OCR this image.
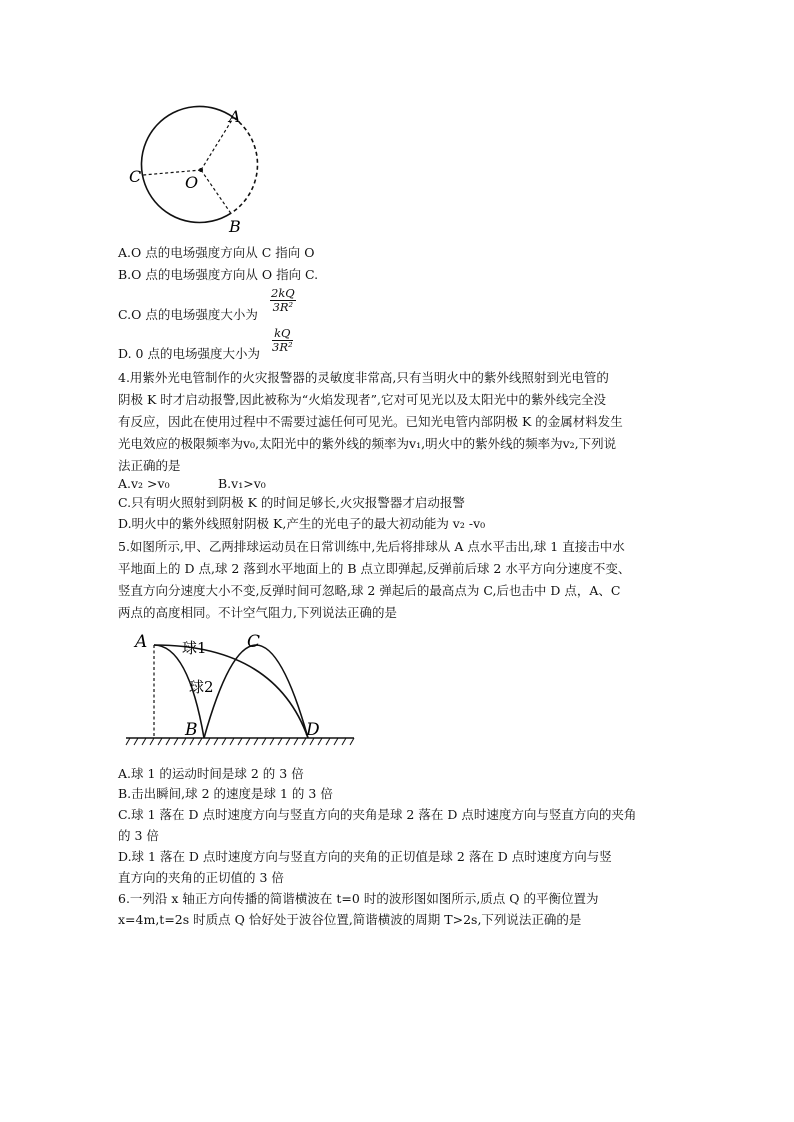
A
B
C	O
A.O 点的电场强度方向从 C 指向 O
B.O 点的电场强度方向从 O 指向 C.
C.O 点的电场强度大小为
$\frac{2kQ}{\text{3R²}}$
D. 0 点的电场强度大小为 $\frac{kQ}{\text{3R²}}$
4.用紫外光电管制作的火灾报警器的灵敏度非常高,只有当明火中的紫外线照射到光电管的
阴极 K 时才启动报警,因此被称为“火焰发现者”,它对可见光以及太阳光中的紫外线完全没
有反应，因此在使用过程中不需要过滤任何可见光。已知光电管内部阴极 K 的金属材料发生
光电效应的极限频率为v₀,太阳光中的紫外线的频率为v₁,明火中的紫外线的频率为v₂,下列说
法正确的是
A.v₂ >v₀	B.v₁>v₀
C.只有明火照射到阴极 K 的时间足够长,火灾报警器才启动报警
D.明火中的紫外线照射阴极 K,产生的光电子的最大初动能为 v₂ -v₀
5.如图所示,甲、乙两排球运动员在日常训练中,先后将排球从 A 点水平击出,球 1 直接击中水
平地面上的 D 点,球 2 落到水平地面上的 B 点立即弹起,反弹前后球 2 水平方向分速度不变、
竖直方向分速度大小不变,反弹时间可忽略,球 2 弹起后的最高点为 C,后也击中 D 点，A、C
两点的高度相同。不计空气阻力,下列说法正确的是
A	C
B	D
球1
球2
A.球 1 的运动时间是球 2 的 3 倍
B.击出瞬间,球 2 的速度是球 1 的 3 倍
C.球 1 落在 D 点时速度方向与竖直方向的夹角是球 2 落在 D 点时速度方向与竖直方向的夹角
的 3 倍
D.球 1 落在 D 点时速度方向与竖直方向的夹角的正切值是球 2 落在 D 点时速度方向与竖
直方向的夹角的正切值的 3 倍
6.一列沿 x 轴正方向传播的简谐横波在 t=0 时的波形图如图所示,质点 Q 的平衡位置为
x=4m,t=2s 时质点 Q 恰好处于波谷位置,简谐横波的周期 T>2s,下列说法正确的是
